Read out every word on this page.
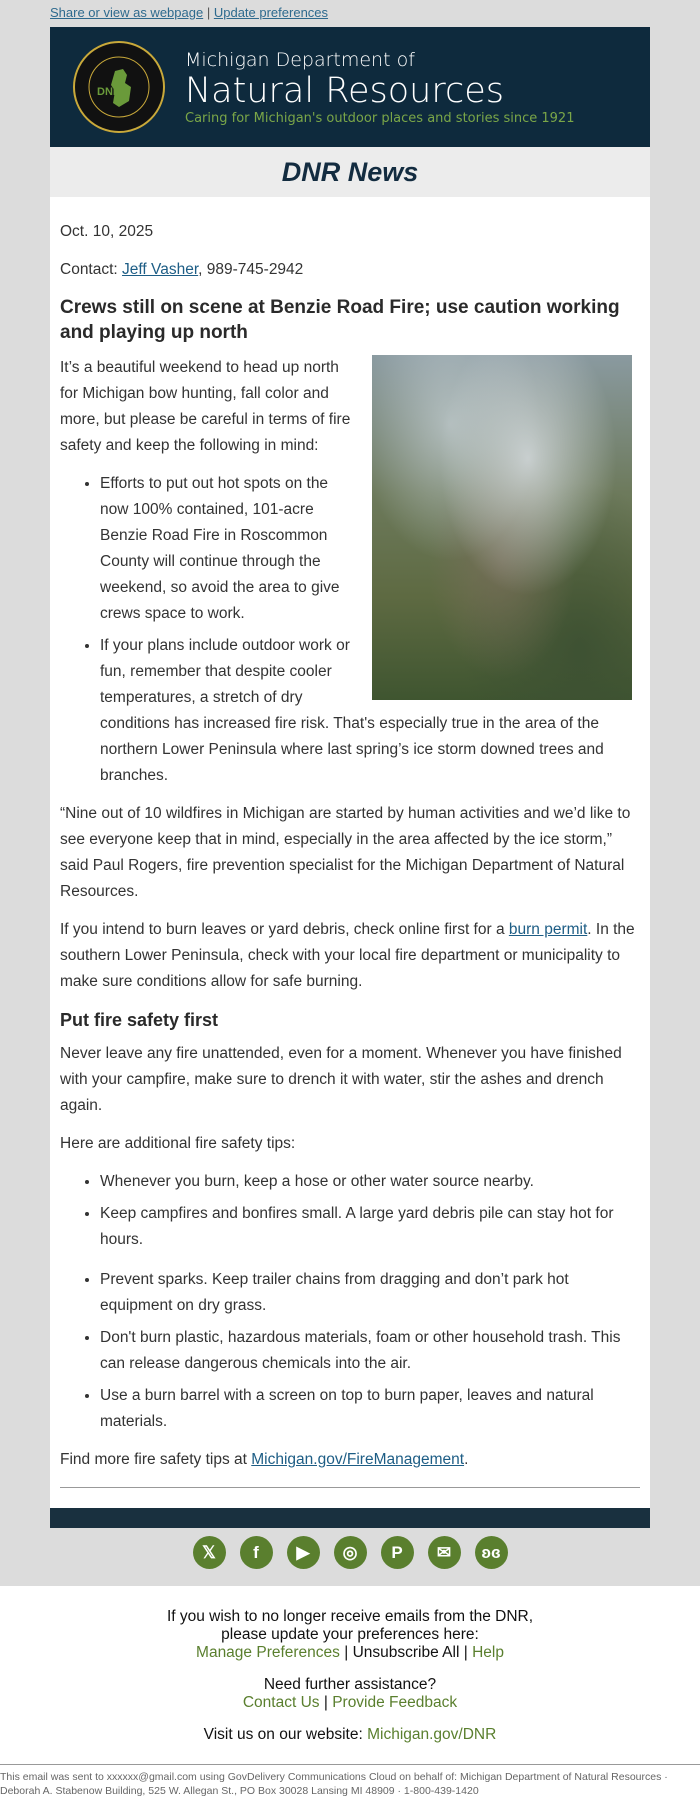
Share or view as webpage | Update preferences
DNR
Michigan Department of
Natural Resources
Caring for Michigan's outdoor places and stories since 1921
DNR News

Oct. 10, 2025

Contact: Jeff Vasher, 989-745-2942

Crews still on scene at Benzie Road Fire; use caution working and playing up north

It’s a beautiful weekend to head up north for Michigan bow hunting, fall color and more, but please be careful in terms of fire safety and keep the following in mind:

• Efforts to put out hot spots on the now 100% contained, 101-acre Benzie Road Fire in Roscommon County will continue through the weekend, so avoid the area to give crews space to work.
• If your plans include outdoor work or fun, remember that despite cooler temperatures, a stretch of dry conditions has increased fire risk. That's especially true in the area of the northern Lower Peninsula where last spring’s ice storm downed trees and branches.

“Nine out of 10 wildfires in Michigan are started by human activities and we’d like to see everyone keep that in mind, especially in the area affected by the ice storm,” said Paul Rogers, fire prevention specialist for the Michigan Department of Natural Resources.

If you intend to burn leaves or yard debris, check online first for a burn permit. In the southern Lower Peninsula, check with your local fire department or municipality to make sure conditions allow for safe burning.

Put fire safety first

Never leave any fire unattended, even for a moment. Whenever you have finished with your campfire, make sure to drench it with water, stir the ashes and drench again.

Here are additional fire safety tips:

• Whenever you burn, keep a hose or other water source nearby.
• Keep campfires and bonfires small. A large yard debris pile can stay hot for hours.
• Prevent sparks. Keep trailer chains from dragging and don’t park hot equipment on dry grass.
• Don't burn plastic, hazardous materials, foam or other household trash. This can release dangerous chemicals into the air.
• Use a burn barrel with a screen on top to burn paper, leaves and natural materials.

Find more fire safety tips at Michigan.gov/FireManagement.

𝕏	f	▶	◎	P	✉	ʚɞ
If you wish to no longer receive emails from the DNR,
please update your preferences here:
Manage Preferences | Unsubscribe All | Help
Need further assistance?
Contact Us | Provide Feedback
Visit us on our website: Michigan.gov/DNR
This email was sent to xxxxxx@gmail.com using GovDelivery Communications Cloud on behalf of: Michigan Department of Natural Resources · Deborah A. Stabenow Building, 525 W. Allegan St., PO Box 30028 Lansing MI 48909 · 1-800-439-1420
